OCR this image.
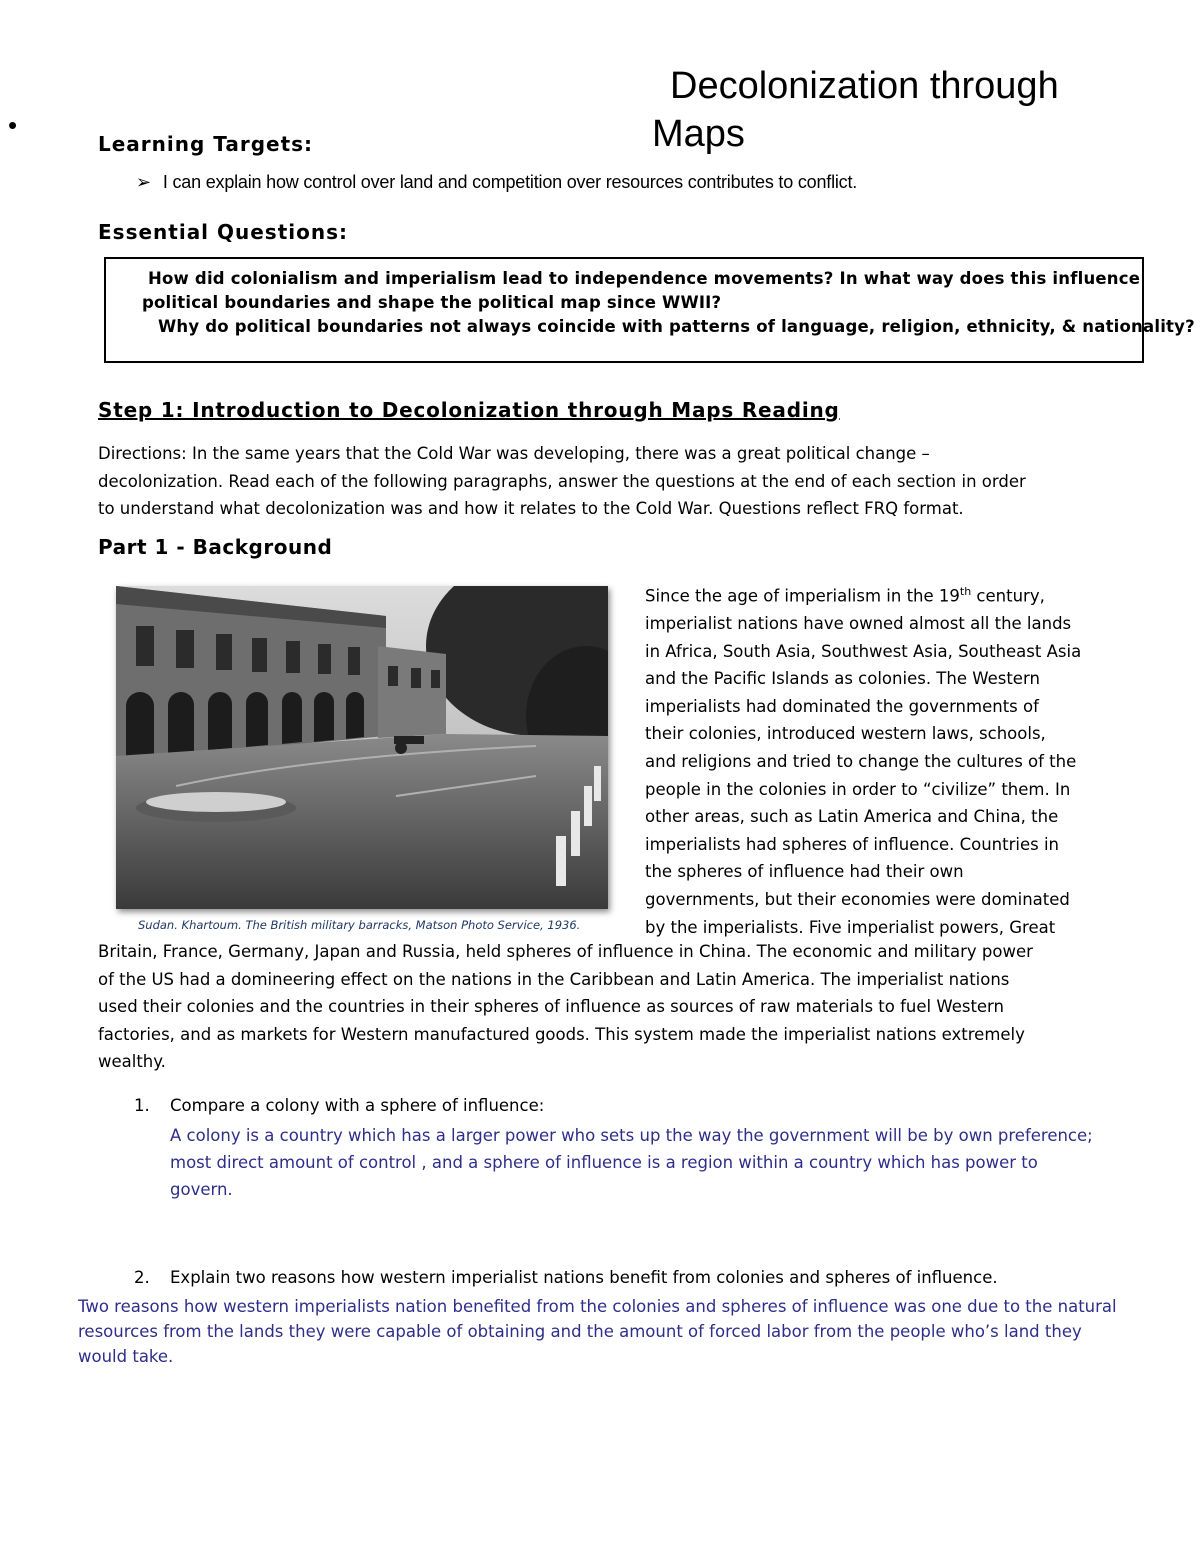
•
Decolonization through
Maps
Learning Targets:
➢ I can explain how control over land and competition over resources contributes to conflict.
Essential Questions:
How did colonialism and imperialism lead to independence movements? In what way does this influence
political boundaries and shape the political map since WWII?
Why do political boundaries not always coincide with patterns of language, religion, ethnicity, & nationality?
Step 1: Introduction to Decolonization through Maps Reading
Directions: In the same years that the Cold War was developing, there was a great political change –
decolonization. Read each of the following paragraphs, answer the questions at the end of each section in order
to understand what decolonization was and how it relates to the Cold War. Questions reflect FRQ format.
Part 1 - Background
Sudan. Khartoum. The British military barracks, Matson Photo Service, 1936.
Since the age of imperialism in the 19th century,
imperialist nations have owned almost all the lands
in Africa, South Asia, Southwest Asia, Southeast Asia
and the Pacific Islands as colonies. The Western
imperialists had dominated the governments of
their colonies, introduced western laws, schools,
and religions and tried to change the cultures of the
people in the colonies in order to “civilize” them. In
other areas, such as Latin America and China, the
imperialists had spheres of influence. Countries in
the spheres of influence had their own
governments, but their economies were dominated
by the imperialists. Five imperialist powers, Great
Britain, France, Germany, Japan and Russia, held spheres of influence in China. The economic and military power
of the US had a domineering effect on the nations in the Caribbean and Latin America. The imperialist nations
used their colonies and the countries in their spheres of influence as sources of raw materials to fuel Western
factories, and as markets for Western manufactured goods. This system made the imperialist nations extremely
wealthy.
1. Compare a colony with a sphere of influence:
A colony is a country which has a larger power who sets up the way the government will be by own preference;
most direct amount of control , and a sphere of influence is a region within a country which has power to
govern.
2. Explain two reasons how western imperialist nations benefit from colonies and spheres of influence.
Two reasons how western imperialists nation benefited from the colonies and spheres of influence was one due to the natural
resources from the lands they were capable of obtaining and the amount of forced labor from the people who’s land they
would take.
